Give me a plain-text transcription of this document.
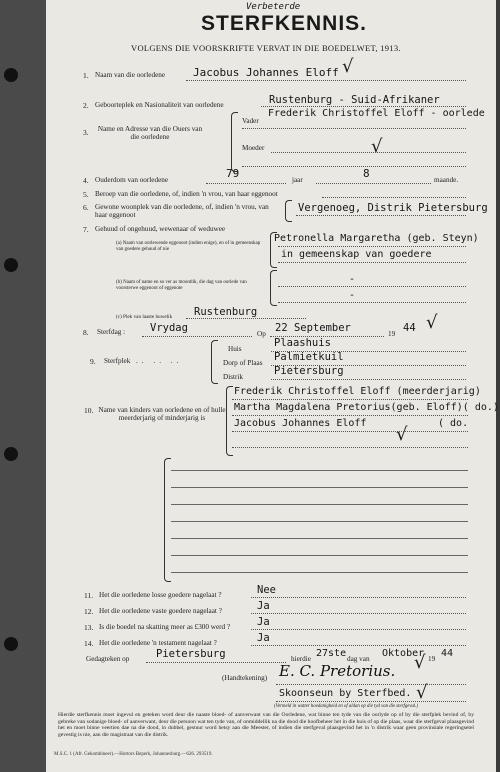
Verbeterde
STERFKENNIS.
VOLGENS DIE VOORSKRIFTE VERVAT IN DIE BOEDELWET, 1913.
1. Naam van die oorledene	Jacobus Johannes Eloff √
2. Geboorteplek en Nasionaliteit van oorledene	Rustenburg - Suid-Afrikaner
3.	Name en Adresse van die Ouers van die oorledene
Vader
Frederik Christoffel Eloff - oorlede
Moeder	√
4. Ouderdom van oorledene	79	jaar	8	maande.
5. Beroep van die oorledene, of, indien 'n vrou, van haar eggenoot
6. Gewone woonplek van die oorledene, of, indien 'n vrou, van haar eggenoot
Vergenoeg, Distrik Pietersburg
7. Gehuud of ongehuud, wewenaar of weduwee
(a) Naam van oorlewende eggenoot (indien enige), en of in gemeenskap van goedere gehuud of nie
Petronella Margaretha (geb. Steyn)
in gemeenskap van goedere
(b) Naam of name en so ver as moontlik, die dag van oorlede van voorsterwe eggenoot of eggenote
-
-
(c) Plek van laaste huwelik Rustenburg
8. Sterfdag : Vrydag	Op 22 September	19 44 √
9. Sterfplek .. .. ..
Huis	Plaashuis
Dorp of Plaas Palmietkuil
Distrik	Pietersburg
10. Name van kinders van oorledene en of hulle meerderjarig of minderjarig is
Frederik Christoffel Eloff (meerderjarig)
Martha Magdalena Pretorius(geb. Eloff)( do.)
Jacobus Johannes Eloff	( do.
√
11. Het die oorledene losse goedere nagelaat ?	Nee
12. Het die oorledene vaste goedere nagelaat ?	Ja
13. Is die boedel na skatting meer as £300 werd ?	Ja
14. Het die oorledene 'n testament nagelaat ?	Ja
Gedagteken op	Pietersburg	hierdie 27ste dag van Oktober 19 44
(Handtekening) E. C. Pretorius. √
Skoonseun by Sterfbed. √
(Vermeld in watter hoedanigheid en of aldan op die tyd van die sterfgeval.)
Hierdie sterfkennis moet ingevul en geteken word deur die naaste bloed- of aanverwant van die Oorledene, wat binne ten tyde van die oorlyde op of by die sterfplek bevind of, by gebreke van sodanige bloed- of aanverwant, deur die persoon wat ten tyde van, of onmiddellik na die dood die hoofbeheer het in die huis of op die plaas, waar die sterfgeval plaasgevind het en moet binne veertien dae na die dood, in dubbel, gestuur word hetsy aan die Meester, of indien die sterfgeval plaasgevind het in 'n distrik waar geen provinsiale regeringsetel gevestig is nie, aan die magistraat van die distrik.
M.S.C. 1 (Afr. Gekombineer).—Hortors Beperk, Johannesburg.—626. 293519.
